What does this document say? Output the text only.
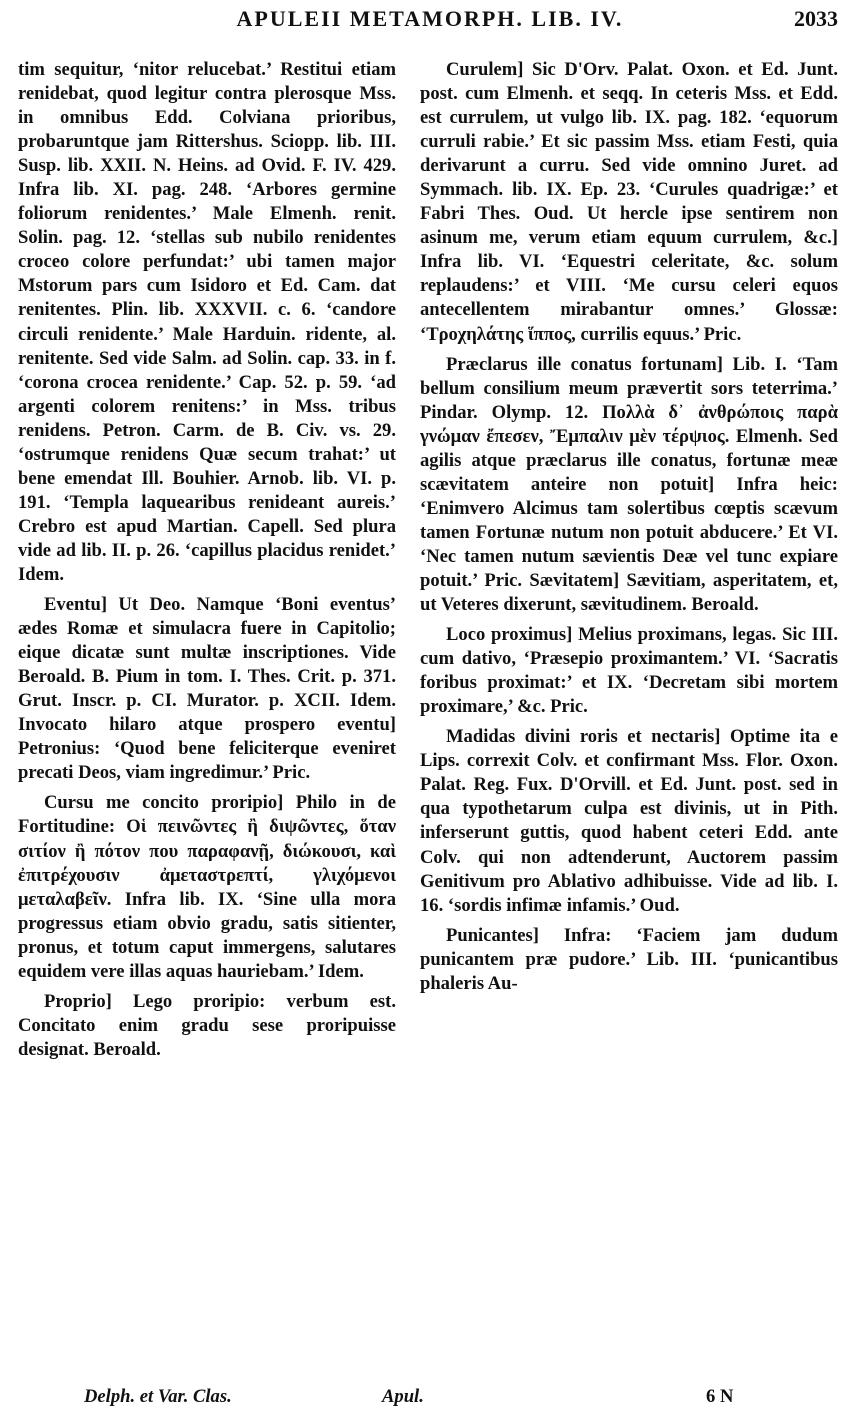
APULEII METAMORPH. LIB. IV.	2033

tim sequitur, ‘nitor relucebat.’ Restitui etiam renidebat, quod legitur contra plerosque Mss. in omnibus Edd. Colviana prioribus, probaruntque jam Rittershus. Sciopp. lib. III. Susp. lib. XXII. N. Heins. ad Ovid. F. IV. 429. Infra lib. XI. pag. 248. ‘Arbores germine foliorum renidentes.’ Male Elmenh. renit. Solin. pag. 12. ‘stellas sub nubilo renidentes croceo colore perfundat:’ ubi tamen major Mstorum pars cum Isidoro et Ed. Cam. dat renitentes. Plin. lib. XXXVII. c. 6. ‘candore circuli renidente.’ Male Harduin. ridente, al. renitente. Sed vide Salm. ad Solin. cap. 33. in f. ‘corona crocea renidente.’ Cap. 52. p. 59. ‘ad argenti colorem renitens:’ in Mss. tribus renidens. Petron. Carm. de B. Civ. vs. 29. ‘ostrumque renidens Quæ secum trahat:’ ut bene emendat Ill. Bouhier. Arnob. lib. VI. p. 191. ‘Templa laquearibus renideant aureis.’ Crebro est apud Martian. Capell. Sed plura vide ad lib. II. p. 26. ‘capillus placidus renidet.’ Idem.

Eventu] Ut Deo. Namque ‘Boni eventus’ ædes Romæ et simulacra fuere in Capitolio; eique dicatæ sunt multæ inscriptiones. Vide Beroald. B. Pium in tom. I. Thes. Crit. p. 371. Grut. Inscr. p. CI. Murator. p. XCII. Idem. Invocato hilaro atque prospero eventu] Petronius: ‘Quod bene feliciterque eveniret precati Deos, viam ingredimur.’ Pric.

Cursu me concito proripio] Philo in de Fortitudine: Οἱ πεινῶντες ἢ διψῶντες, ὅταν σιτίον ἢ πότον που παραφανῇ, διώκουσι, καὶ ἐπιτρέχουσιν ἀμεταστρεπτί, γλιχόμενοι μεταλαβεῖν. Infra lib. IX. ‘Sine ulla mora progressus etiam obvio gradu, satis sitienter, pronus, et totum caput immergens, salutares equidem vere illas aquas hauriebam.’ Idem.

Proprio] Lego proripio: verbum est. Concitato enim gradu sese proripuisse designat. Beroald.

Curulem] Sic D'Orv. Palat. Oxon. et Ed. Junt. post. cum Elmenh. et seqq. In ceteris Mss. et Edd. est currulem, ut vulgo lib. IX. pag. 182. ‘equorum curruli rabie.’ Et sic passim Mss. etiam Festi, quia derivarunt a curru. Sed vide omnino Juret. ad Symmach. lib. IX. Ep. 23. ‘Curules quadrigæ:’ et Fabri Thes. Oud. Ut hercle ipse sentirem non asinum me, verum etiam equum currulem, &c.] Infra lib. VI. ‘Equestri celeritate, &c. solum replaudens:’ et VIII. ‘Me cursu celeri equos antecellentem mirabantur omnes.’ Glossæ: ‘Τροχηλάτης ἵππος, currilis equus.’ Pric.

Præclarus ille conatus fortunam] Lib. I. ‘Tam bellum consilium meum prævertit sors teterrima.’ Pindar. Olymp. 12. Πολλὰ δ᾽ ἀνθρώποις παρὰ γνώμαν ἔπεσεν, Ἔμπαλιν μὲν τέρψιος. Elmenh. Sed agilis atque præclarus ille conatus, fortunæ meæ scævitatem anteire non potuit] Infra heic: ‘Enimvero Alcimus tam solertibus cœptis scævum tamen Fortunæ nutum non potuit abducere.’ Et VI. ‘Nec tamen nutum sævientis Deæ vel tunc expiare potuit.’ Pric. Sævitatem] Sævitiam, asperitatem, et, ut Veteres dixerunt, sævitudinem. Beroald.

Loco proximus] Melius proximans, legas. Sic III. cum dativo, ‘Præsepio proximantem.’ VI. ‘Sacratis foribus proximat:’ et IX. ‘Decretam sibi mortem proximare,’ &c. Pric.

Madidas divini roris et nectaris] Optime ita e Lips. correxit Colv. et confirmant Mss. Flor. Oxon. Palat. Reg. Fux. D'Orvill. et Ed. Junt. post. sed in qua typothetarum culpa est divinis, ut in Pith. inferserunt guttis, quod habent ceteri Edd. ante Colv. qui non adtenderunt, Auctorem passim Genitivum pro Ablativo adhibuisse. Vide ad lib. I. 16. ‘sordis infimæ infamis.’ Oud.

Punicantes] Infra: ‘Faciem jam dudum punicantem præ pudore.’ Lib. III. ‘punicantibus phaleris Au-

Delph. et Var. Clas.	Apul.	6 N
